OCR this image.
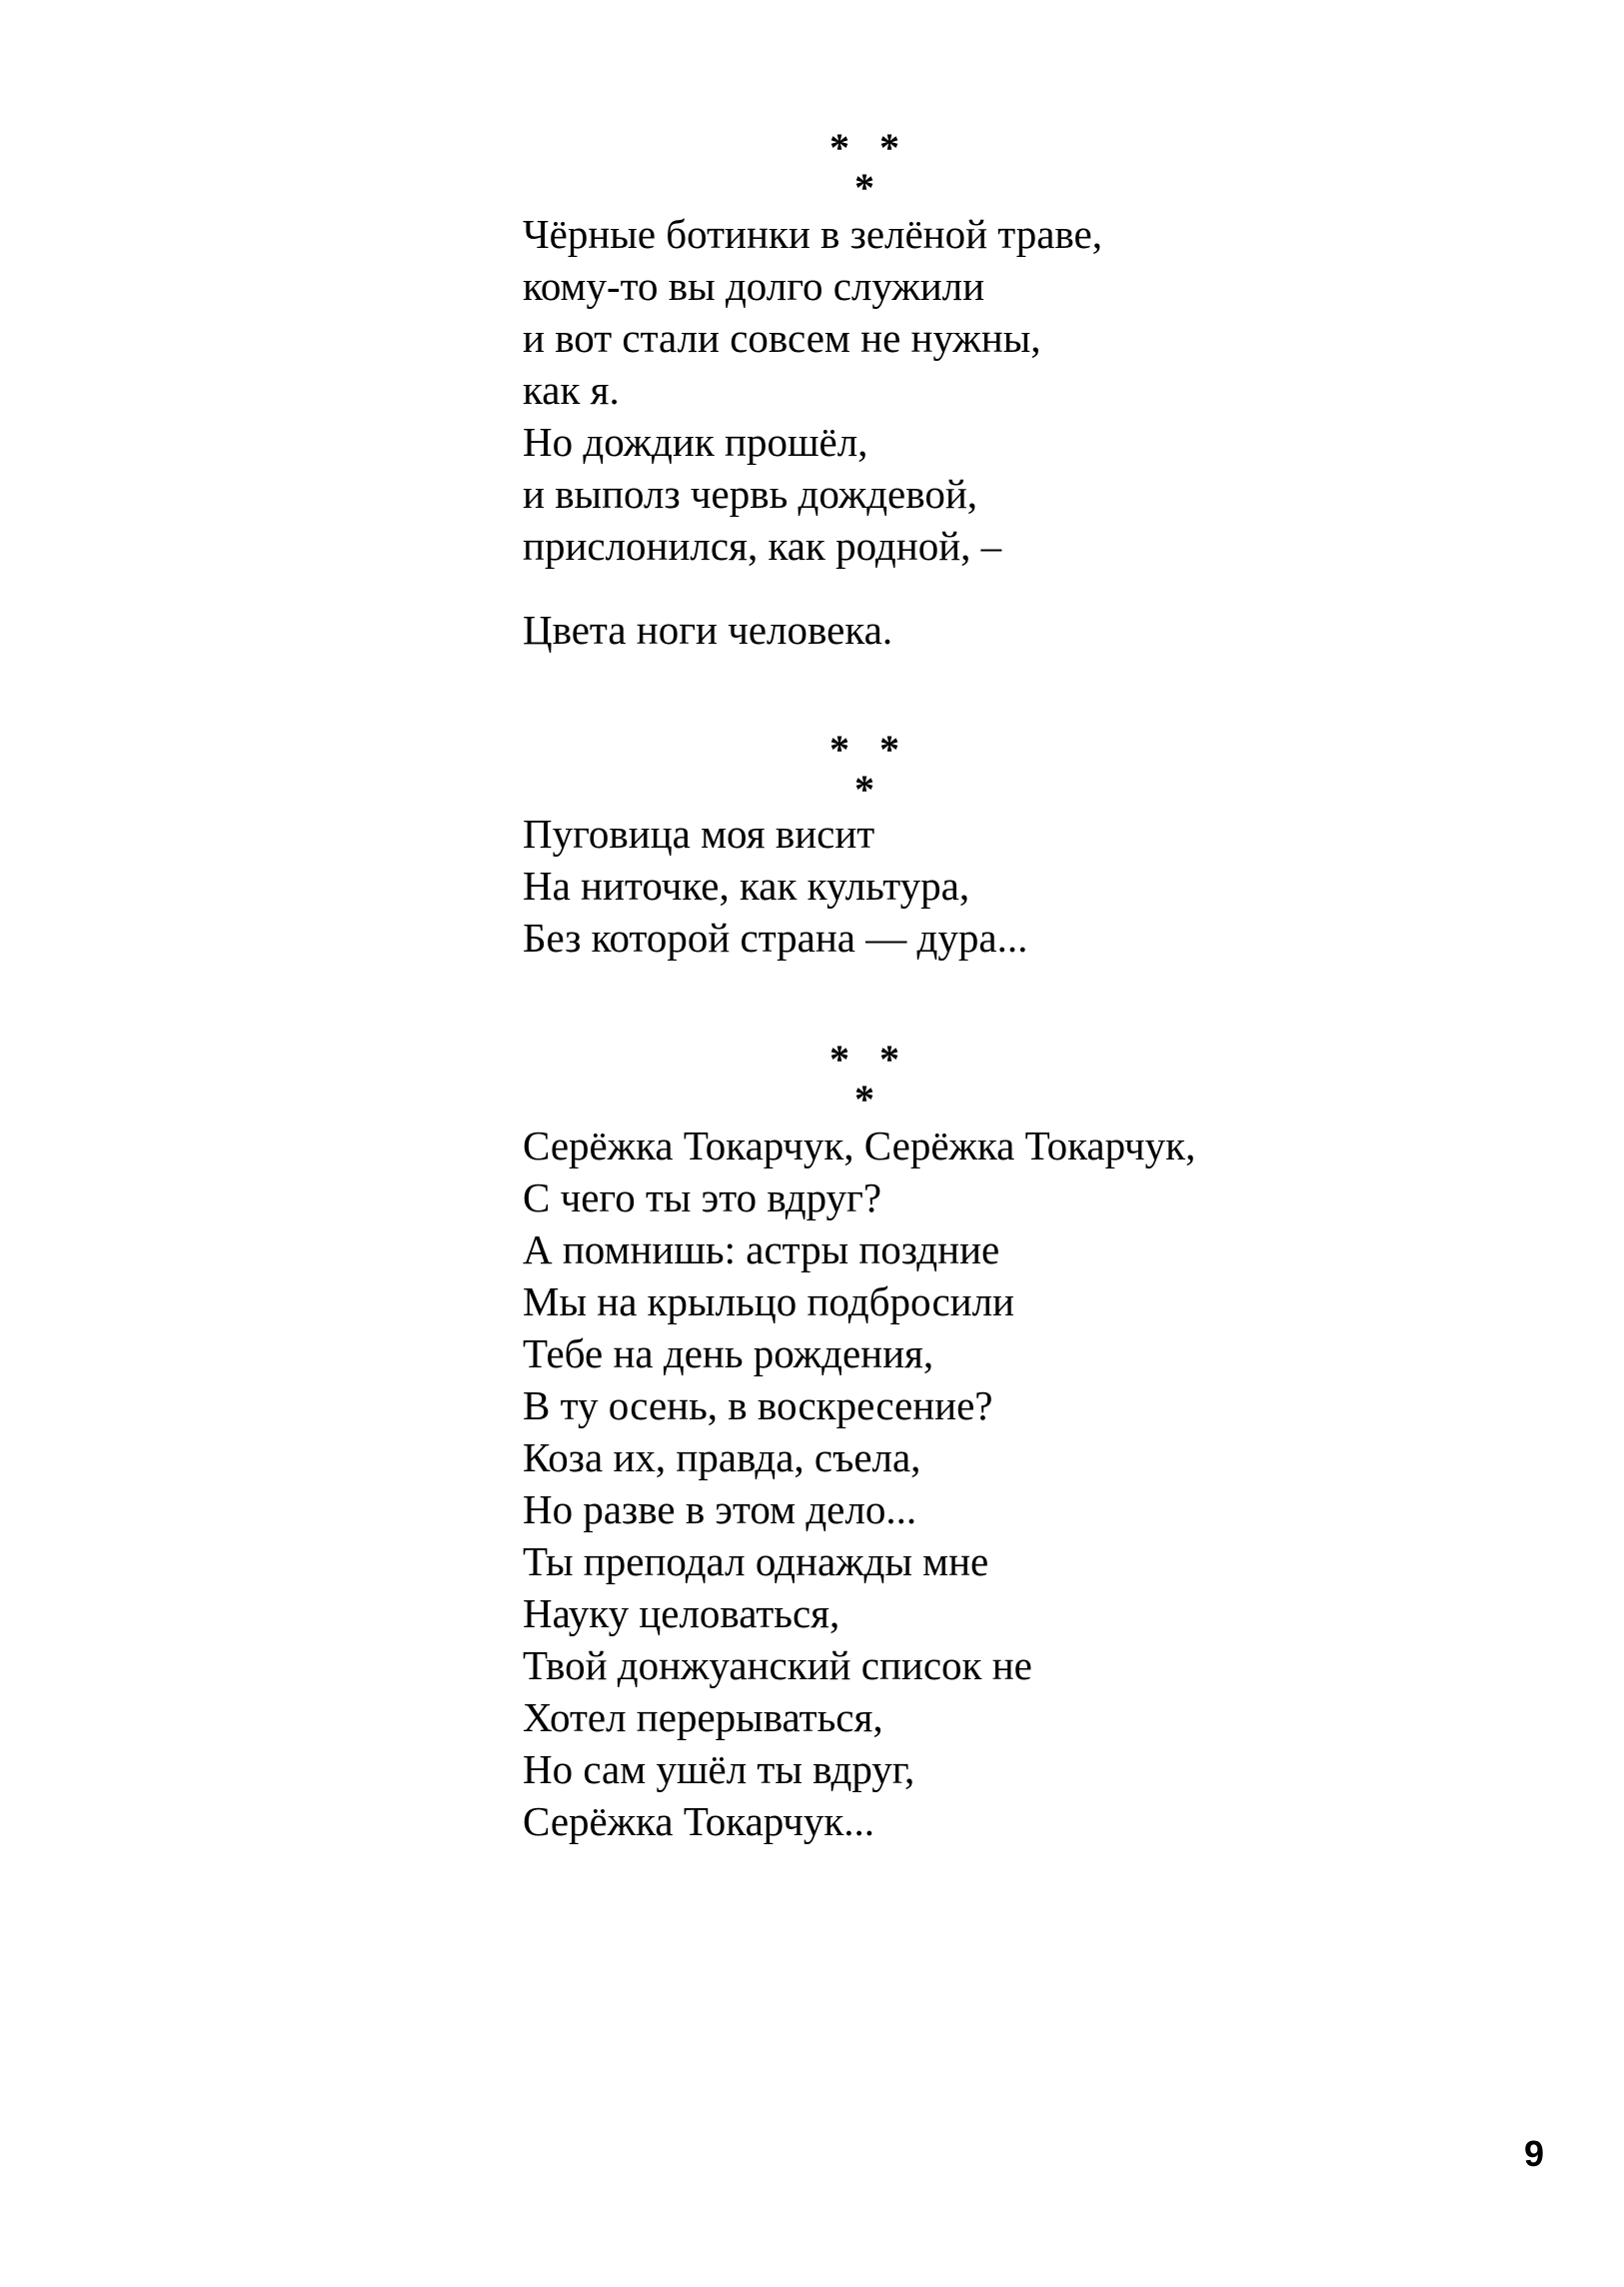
* * *
Чёрные ботинки в зелёной траве,
кому-то вы долго служили
и вот стали совсем не нужны,
как я.
Но дождик прошёл,
и выполз червь дождевой,
прислонился, как родной, –
Цвета ноги человека.
* * *
Пуговица моя висит
На ниточке, как культура,
Без которой страна — дура...
* * *
Серёжка Токарчук, Серёжка Токарчук,
С чего ты это вдруг?
А помнишь: астры поздние
Мы на крыльцо подбросили
Тебе на день рождения,
В ту осень, в воскресение?
Коза их, правда, съела,
Но разве в этом дело...
Ты преподал однажды мне
Науку целоваться,
Твой донжуанский список не
Хотел перерываться,
Но сам ушёл ты вдруг,
Серёжка Токарчук...
9
